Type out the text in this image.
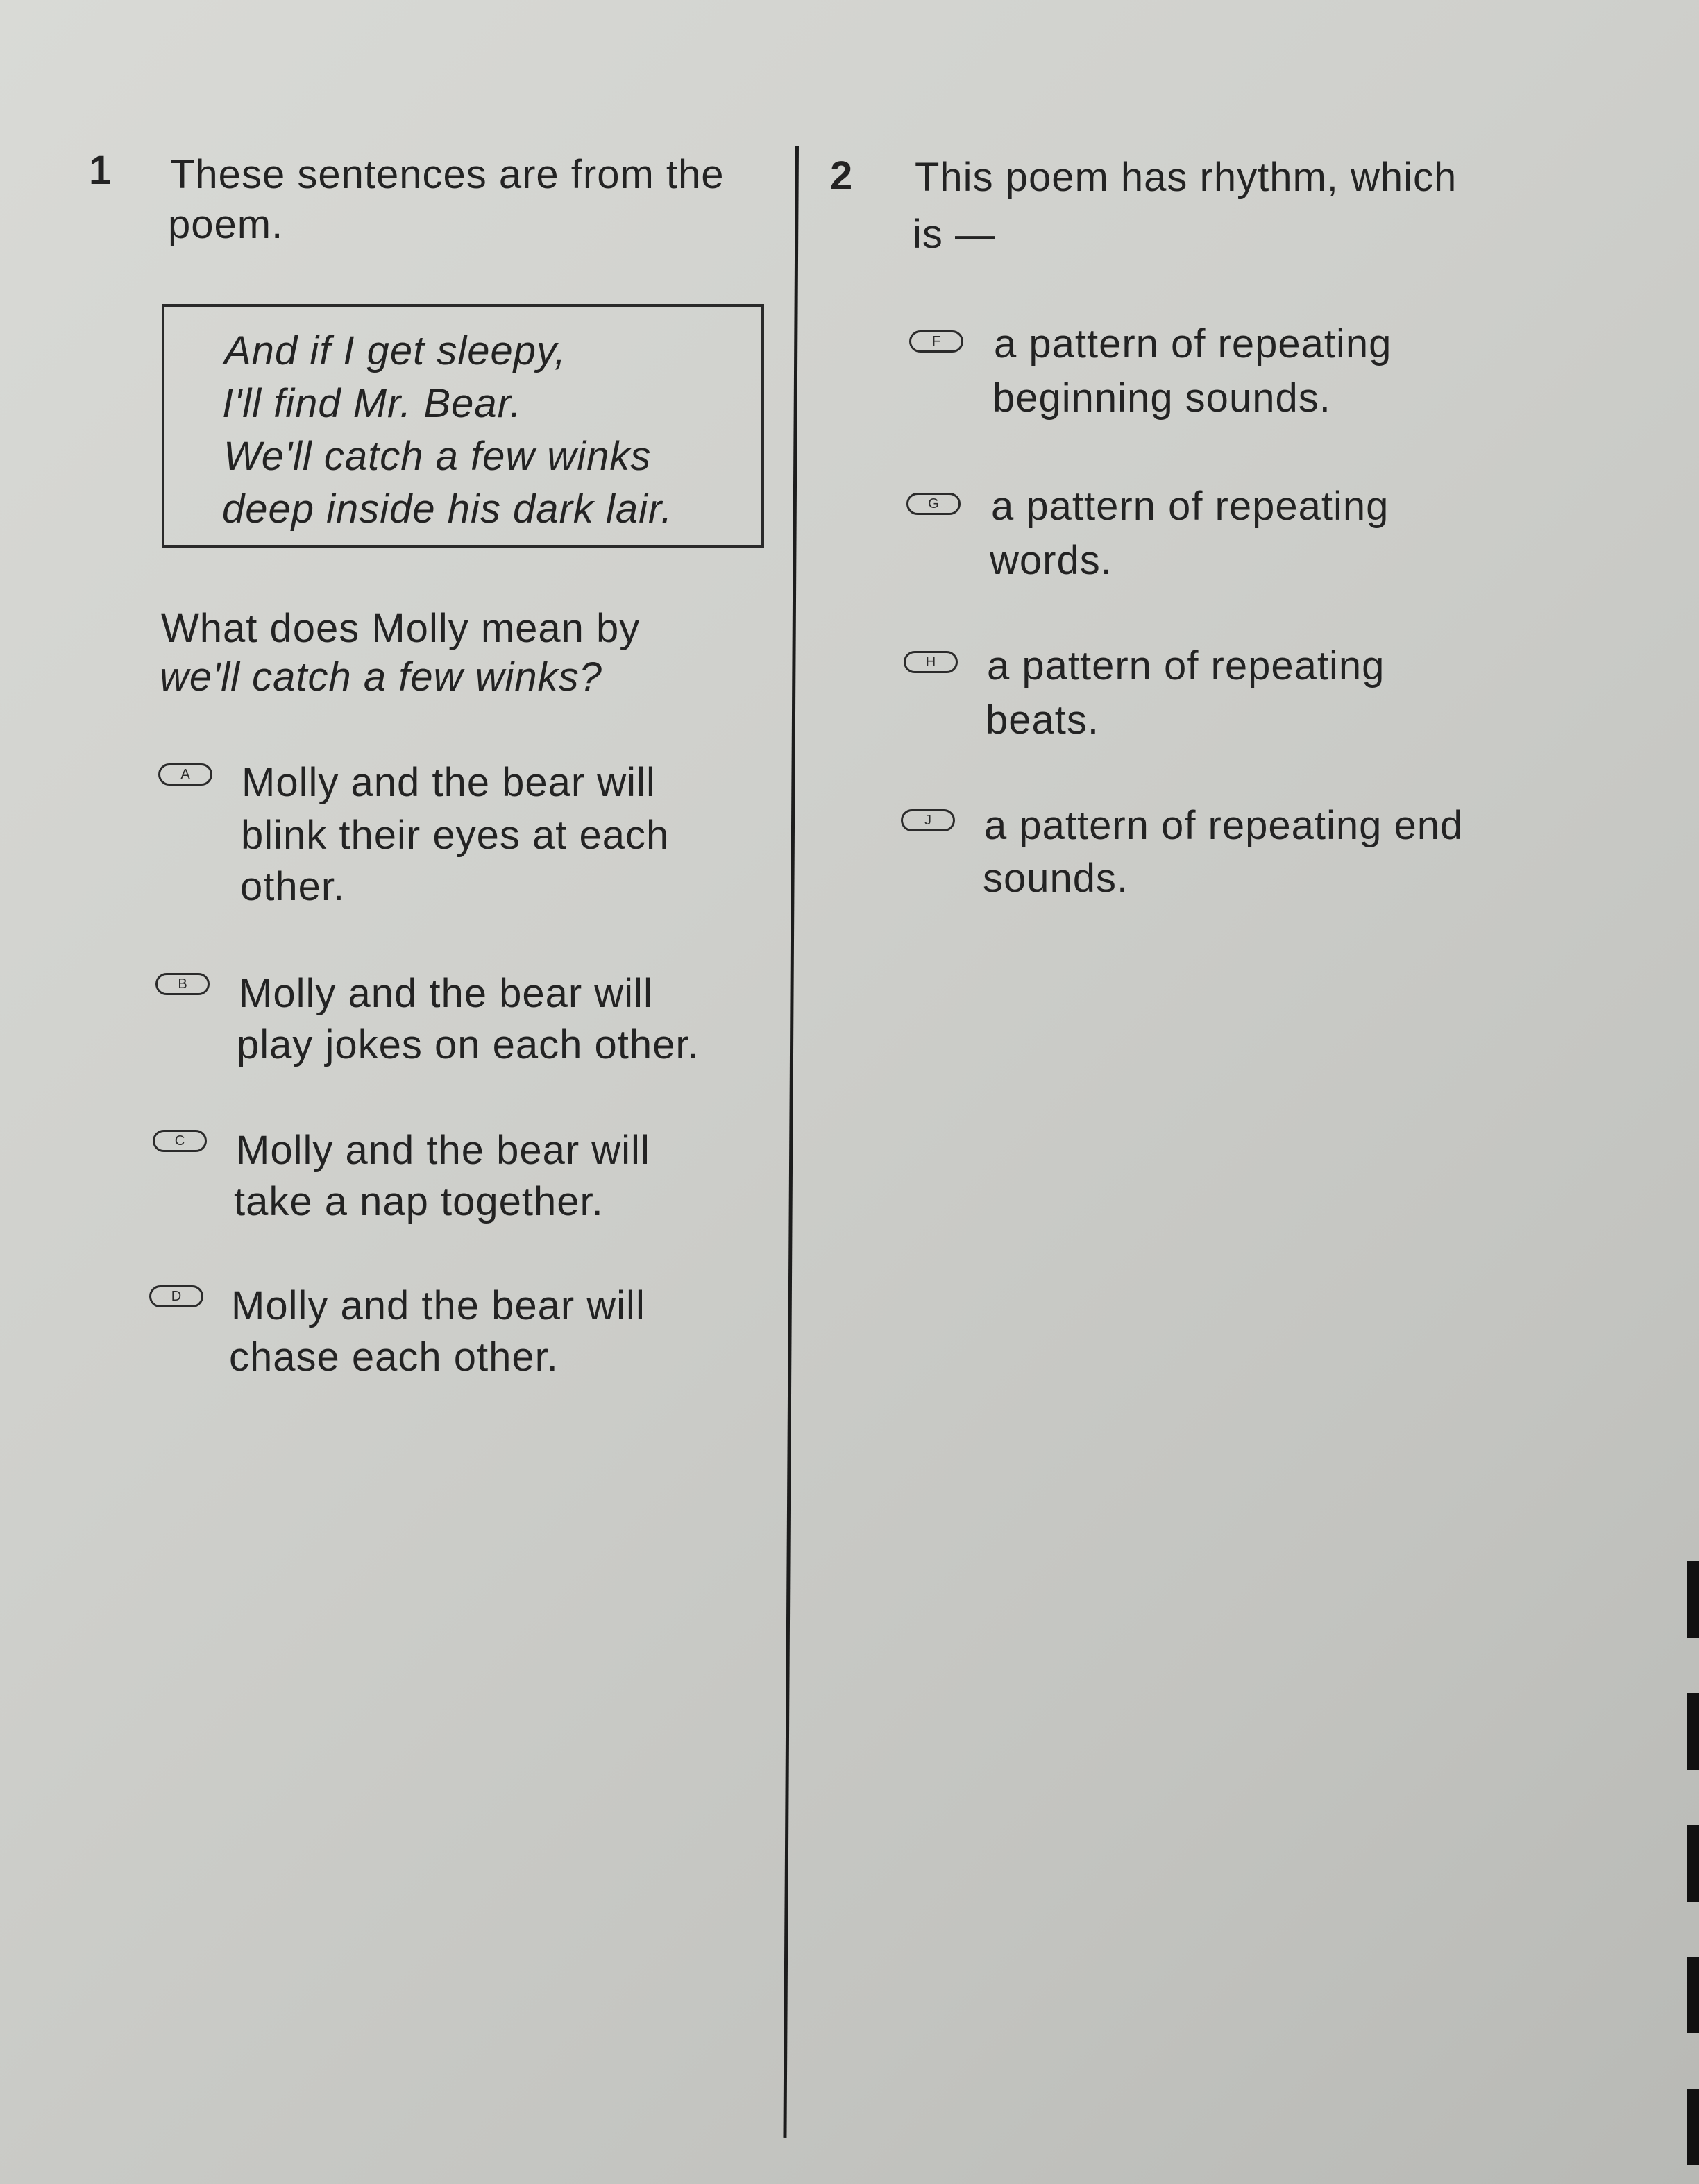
1 These sentences are from the
poem.
And if I get sleepy,
I'll find Mr. Bear.
We'll catch a few winks
deep inside his dark lair.
What does Molly mean by
we'll catch a few winks?
A	Molly and the bear will
blink their eyes at each
other.
B	Molly and the bear will
play jokes on each other.
C	Molly and the bear will
take a nap together.
D	Molly and the bear will
chase each other.
2 This poem has rhythm, which
is —
F	a pattern of repeating
beginning sounds.
G	a pattern of repeating
words.
H	a pattern of repeating
beats.
J	a pattern of repeating end
sounds.
